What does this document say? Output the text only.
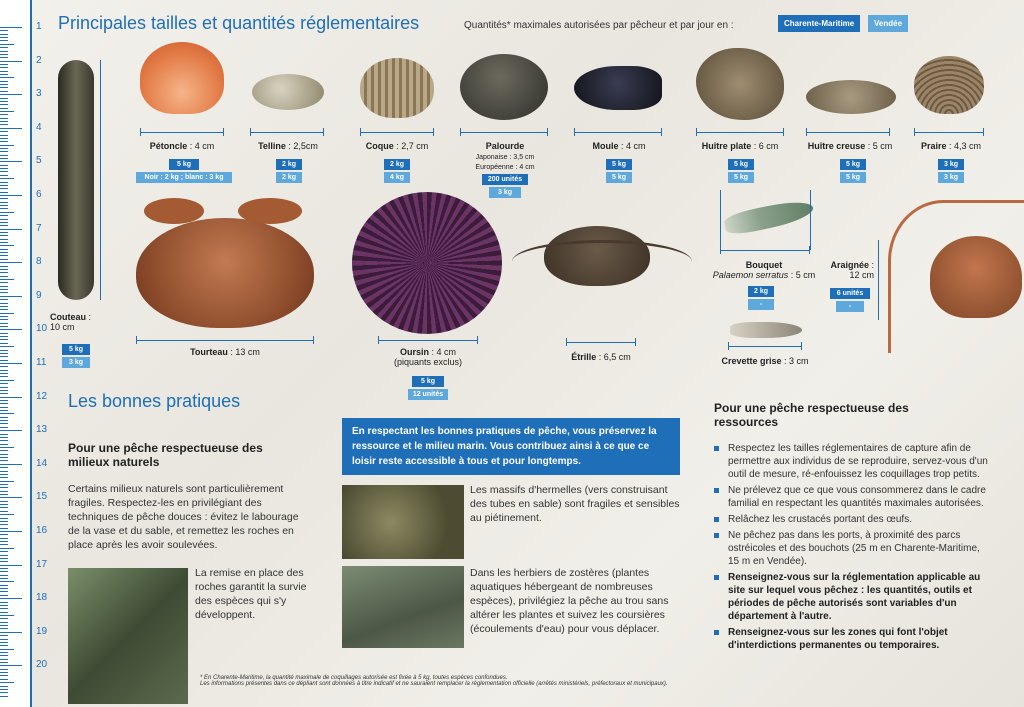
Principales tailles et quantités réglementaires	Quantités* maximales autorisées par pêcheur et par jour en :	Charente-Maritime	Vendée
Couteau :
10 cm
5 kg
3 kg
Pétoncle : 4 cm
5 kg
Noir : 2 kg ; blanc : 3 kg
Telline : 2,5cm
2 kg
2 kg
Coque : 2,7 cm
2 kg
4 kg
Palourde
Japonaise : 3,5 cm
Européenne : 4 cm
200 unités
3 kg
Moule : 4 cm
5 kg
5 kg
Huître plate : 6 cm
5 kg
5 kg
Huître creuse : 5 cm
5 kg
5 kg
Praire : 4,3 cm
3 kg
3 kg
Tourteau : 13 cm	Oursin : 4 cm
(piquants exclus)
5 kg
12 unités
Étrille : 6,5 cm
Bouquet
Palaemon serratus : 5 cm
2 kg
-
Crevette grise : 3 cm
Araignée :
12 cm
6 unités
-
Les bonnes pratiques
Pour une pêche respectueuse des milieux naturels
Certains milieux naturels sont particulièrement fragiles. Respectez-les en privilégiant des techniques de pêche douces : évitez le labourage de la vase et du sable, et remettez les roches en place après les avoir soulevées.
La remise en place des roches garantit la survie des espèces qui s'y développent.
En respectant les bonnes pratiques de pêche, vous préservez la ressource et le milieu marin. Vous contribuez ainsi à ce que ce loisir reste accessible à tous et pour longtemps.
Les massifs d'hermelles (vers construisant des tubes en sable) sont fragiles et sensibles au piétinement.
Dans les herbiers de zostères (plantes aquatiques hébergeant de nombreuses espèces), privilégiez la pêche au trou sans altérer les plantes et suivez les coursières (écoulements d'eau) pour vous déplacer.
Pour une pêche respectueuse des ressources
Respectez les tailles réglementaires de capture afin de permettre aux individus de se reproduire, servez-vous d'un outil de mesure, ré-enfouissez les coquillages trop petits.
Ne prélevez que ce que vous consommerez dans le cadre familial en respectant les quantités maximales autorisées.
Relâchez les crustacés portant des œufs.
Ne pêchez pas dans les ports, à proximité des parcs ostréicoles et des bouchots (25 m en Charente-Maritime, 15 m en Vendée).
Renseignez-vous sur la réglementation applicable au site sur lequel vous pêchez : les quantités, outils et périodes de pêche autorisés sont variables d'un département à l'autre.
Renseignez-vous sur les zones qui font l'objet d'interdictions permanentes ou temporaires.
* En Charente-Maritime, la quantité maximale de coquillages autorisée est fixée à 5 kg, toutes espèces confondues.
Les informations présentes dans ce dépliant sont données à titre indicatif et ne sauraient remplacer la réglementation officielle (arrêtés ministériels, préfectoraux et municipaux).
1
2
3
4
5
6
7
8
9
10
11
12
13
14
15
16
17
18
19
20
